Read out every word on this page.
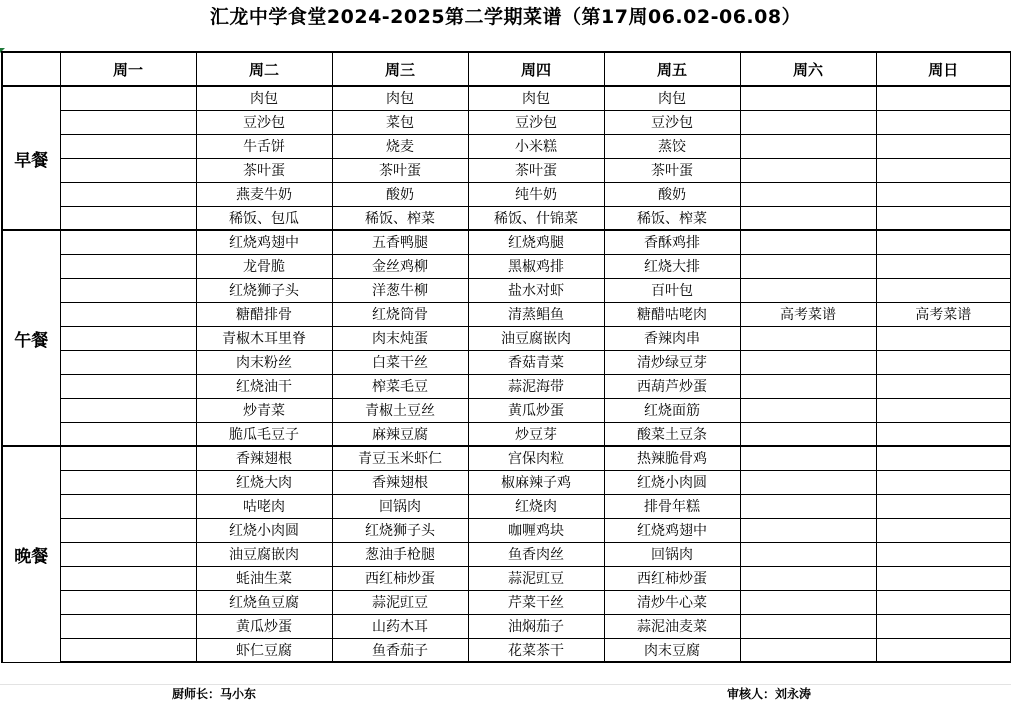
汇龙中学食堂2024-2025第二学期菜谱（第17周06.02-06.08）
	周一	周二	周三	周四	周五	周六	周日
早餐		肉包	肉包	肉包	肉包		
		豆沙包	菜包	豆沙包	豆沙包		
		牛舌饼	烧麦	小米糕	蒸饺		
		茶叶蛋	茶叶蛋	茶叶蛋	茶叶蛋		
		燕麦牛奶	酸奶	纯牛奶	酸奶		
		稀饭、包瓜	稀饭、榨菜	稀饭、什锦菜	稀饭、榨菜		
午餐		红烧鸡翅中	五香鸭腿	红烧鸡腿	香酥鸡排		
		龙骨脆	金丝鸡柳	黑椒鸡排	红烧大排		
		红烧狮子头	洋葱牛柳	盐水对虾	百叶包		
		糖醋排骨	红烧筒骨	清蒸鲳鱼	糖醋咕咾肉	高考菜谱	高考菜谱
		青椒木耳里脊	肉末炖蛋	油豆腐嵌肉	香辣肉串		
		肉末粉丝	白菜干丝	香菇青菜	清炒绿豆芽		
		红烧油干	榨菜毛豆	蒜泥海带	西葫芦炒蛋		
		炒青菜	青椒土豆丝	黄瓜炒蛋	红烧面筋		
		脆瓜毛豆子	麻辣豆腐	炒豆芽	酸菜土豆条		
晚餐		香辣翅根	青豆玉米虾仁	宫保肉粒	热辣脆骨鸡		
		红烧大肉	香辣翅根	椒麻辣子鸡	红烧小肉圆		
		咕咾肉	回锅肉	红烧肉	排骨年糕		
		红烧小肉圆	红烧狮子头	咖喱鸡块	红烧鸡翅中		
		油豆腐嵌肉	葱油手枪腿	鱼香肉丝	回锅肉		
		蚝油生菜	西红柿炒蛋	蒜泥豇豆	西红柿炒蛋		
		红烧鱼豆腐	蒜泥豇豆	芹菜干丝	清炒牛心菜		
		黄瓜炒蛋	山药木耳	油焖茄子	蒜泥油麦菜		
		虾仁豆腐	鱼香茄子	花菜茶干	肉末豆腐		
厨师长：马小东	审核人：刘永涛
